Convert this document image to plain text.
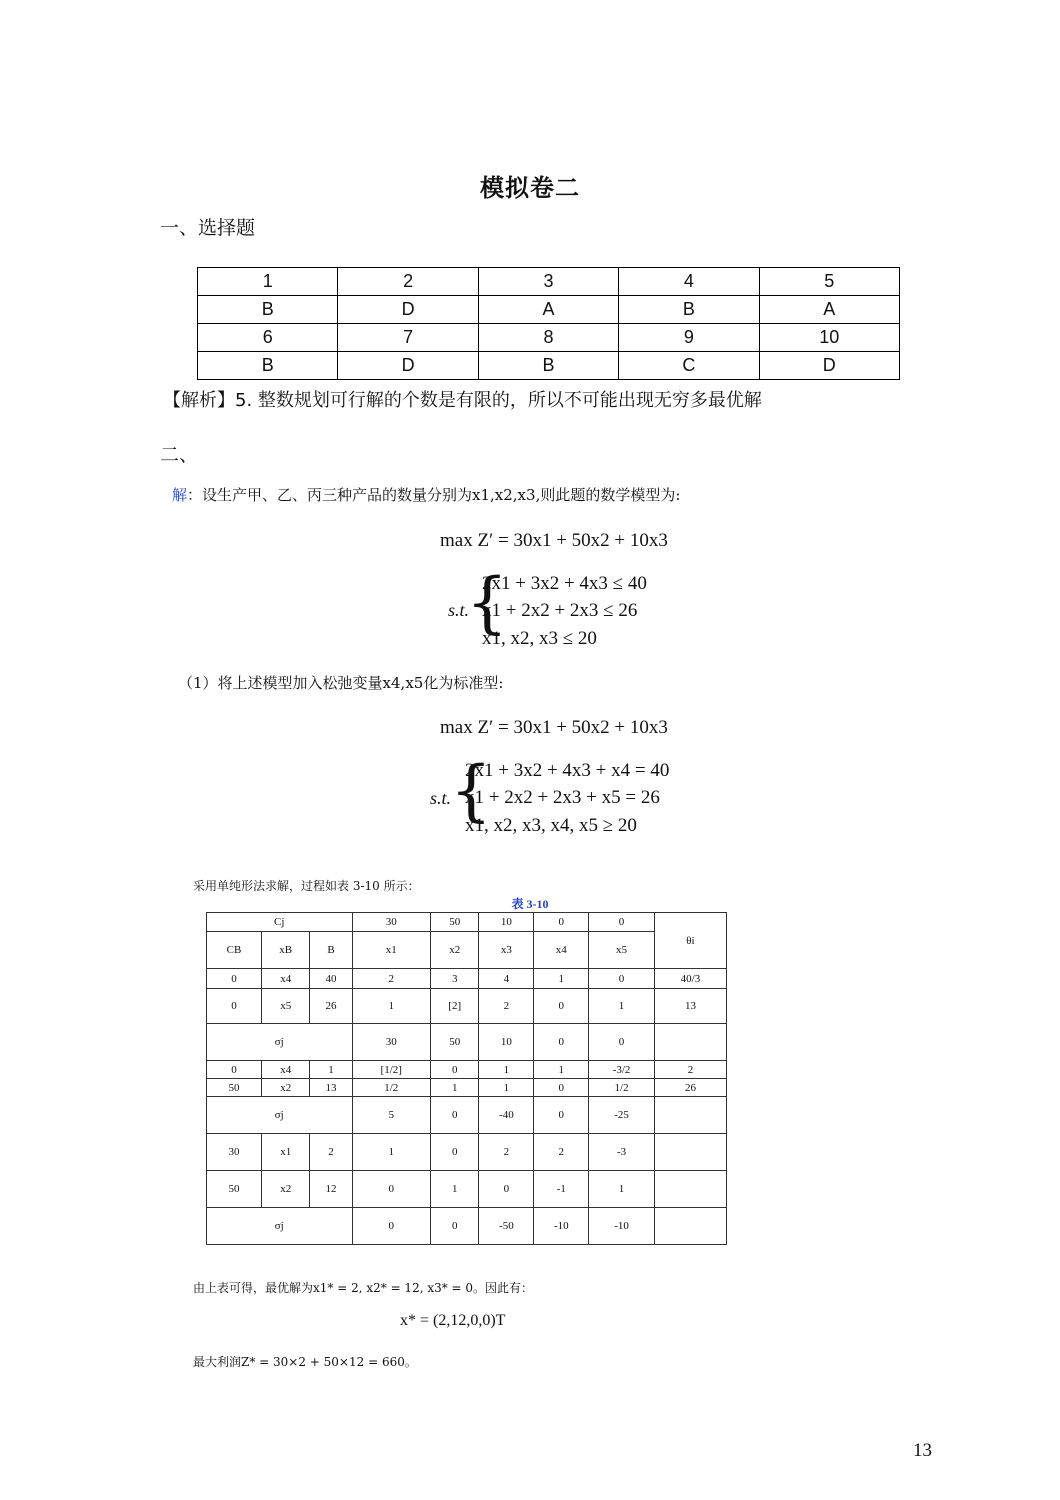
模拟卷二
一、选择题
1	2	3	4	5
B	D	A	B	A
6	7	8	9	10
B	D	B	C	D
【解析】5. 整数规划可行解的个数是有限的，所以不可能出现无穷多最优解
二、
解：设生产甲、乙、丙三种产品的数量分别为x1,x2,x3,则此题的数学模型为:
max Z′ = 30x1 + 50x2 + 10x3
s.t.
{
2x1 + 3x2 + 4x3 ≤ 40
x1 + 2x2 + 2x3 ≤ 26
x1, x2, x3 ≤ 20
（1）将上述模型加入松弛变量x4,x5化为标准型:
max Z′ = 30x1 + 50x2 + 10x3
s.t.
{
2x1 + 3x2 + 4x3 + x4 = 40
x1 + 2x2 + 2x3 + x5 = 26
x1, x2, x3, x4, x5 ≥ 20
采用单纯形法求解，过程如表 3-10 所示：
表 3-10
Cj			30	50	10	0	0	θi
CB	xB	B	x1	x2	x3	x4	x5	
0	x4	40	2	3	4	1	0	40/3
0	x5	26	1	[2]	2	0	1	13
σj			30	50	10	0	0	
0	x4	1	[1/2]	0	1	1	-3/2	2
50	x2	13	1/2	1	1	0	1/2	26
σj			5	0	-40	0	-25	
30	x1	2	1	0	2	2	-3	
50	x2	12	0	1	0	-1	1	
σj			0	0	-50	-10	-10	
由上表可得，最优解为x1* = 2, x2* = 12, x3* = 0。因此有：
x* = (2,12,0,0)T
最大利润Z* = 30×2 + 50×12 = 660。
13
